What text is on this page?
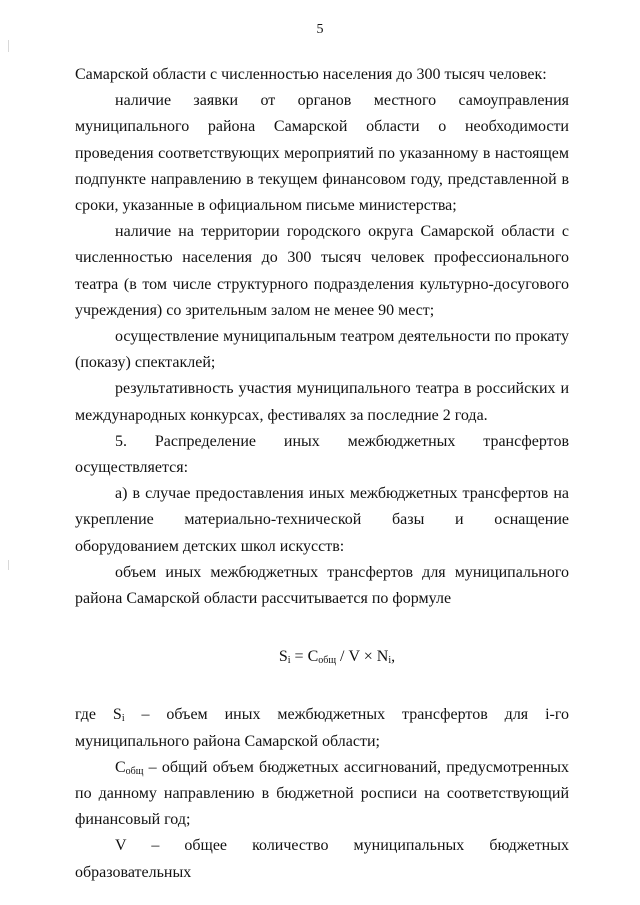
5

Самарской области с численностью населения до 300 тысяч человек:

наличие заявки от органов местного самоуправления муниципального района Самарской области о необходимости проведения соответствующих мероприятий по указанному в настоящем подпункте направлению в текущем финансовом году, представленной в сроки, указанные в официальном письме министерства;

наличие на территории городского округа Самарской области с численностью населения до 300 тысяч человек профессионального театра (в том числе структурного подразделения культурно-досугового учреждения) со зрительным залом не менее 90 мест;

осуществление муниципальным театром деятельности по прокату (показу) спектаклей;

результативность участия муниципального театра в российских и международных конкурсах, фестивалях за последние 2 года.

5. Распределение иных межбюджетных трансфертов осуществляется:

а) в случае предоставления иных межбюджетных трансфертов на укрепление материально-технической базы и оснащение оборудованием детских школ искусств:

объем иных межбюджетных трансфертов для муниципального района Самарской области рассчитывается по формуле

$S_i = C_{общ} / V \times N_i$,

где $S_i$ – объем иных межбюджетных трансфертов для i-го муниципального района Самарской области;

$C_{общ}$ – общий объем бюджетных ассигнований, предусмотренных по данному направлению в бюджетной росписи на соответствующий финансовый год;

V – общее количество муниципальных бюджетных образовательных
